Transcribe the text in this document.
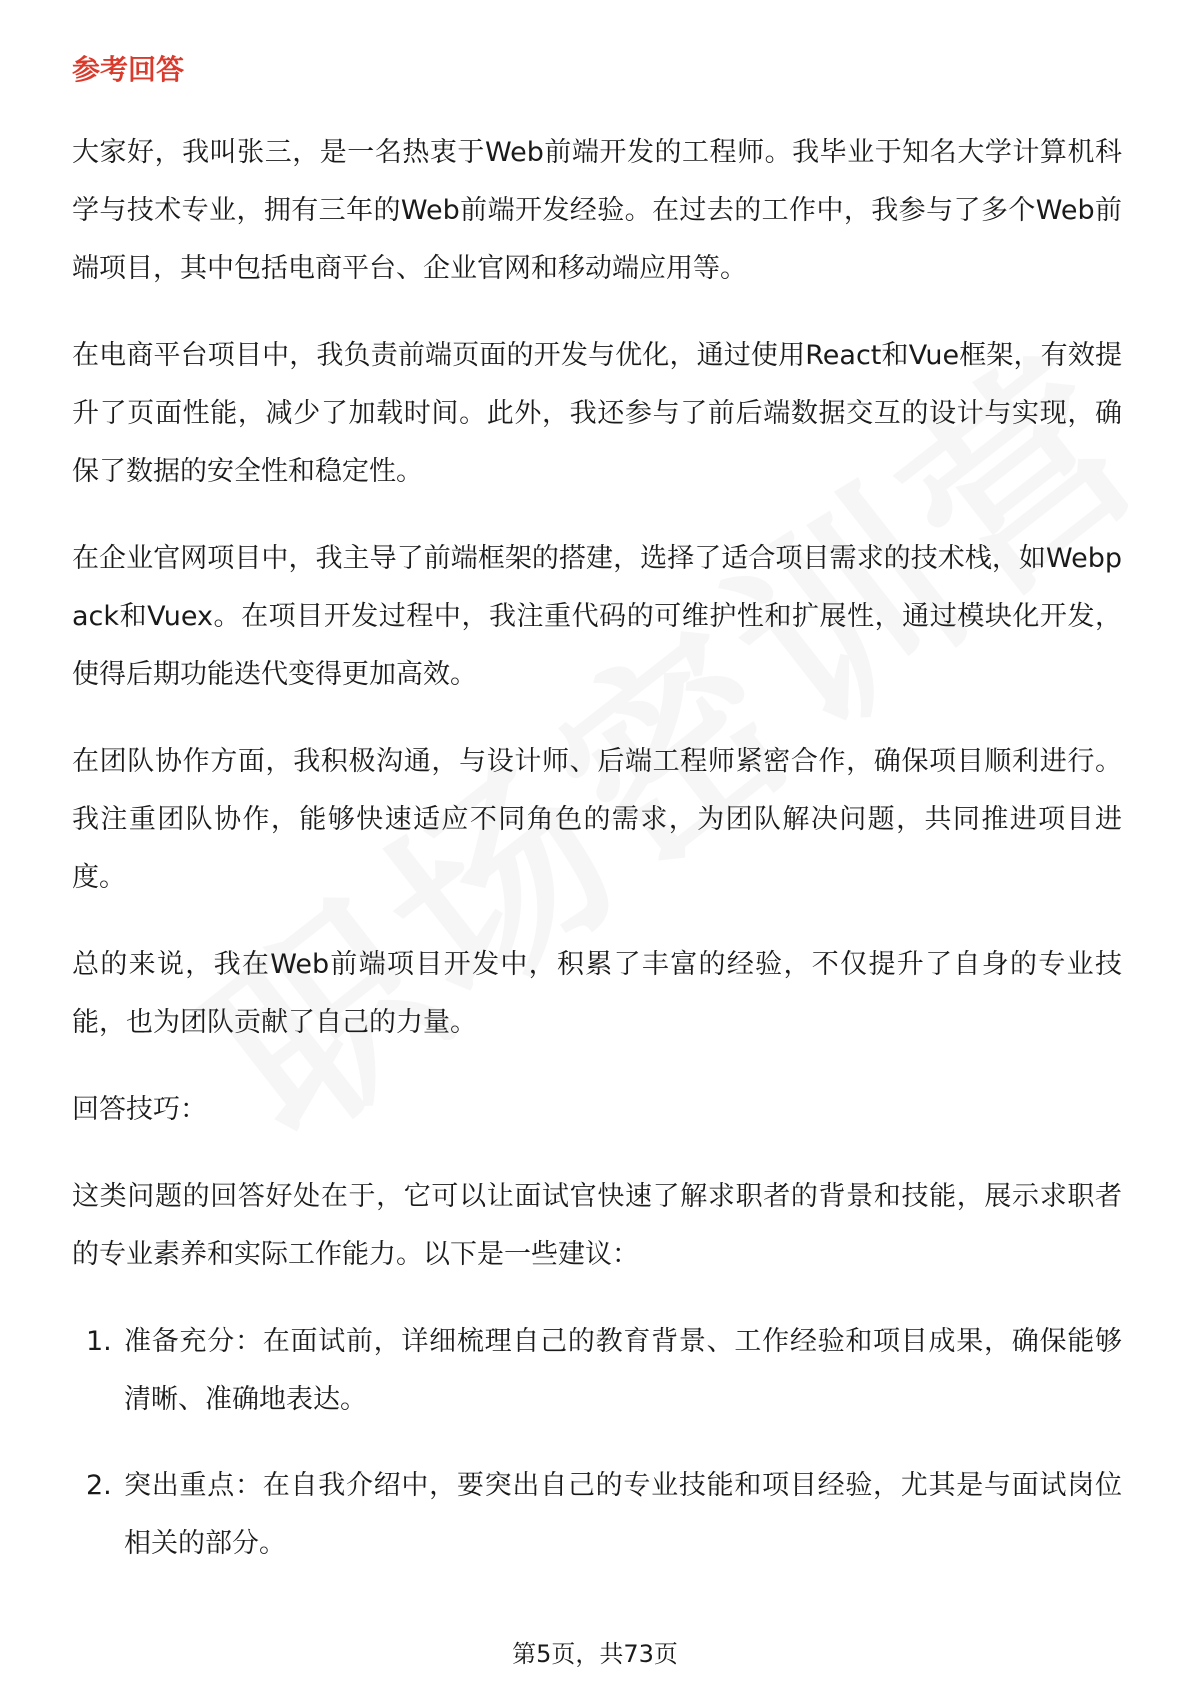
参考回答

大家好，我叫张三，是一名热衷于Web前端开发的工程师。我毕业于知名大学计算机科学与技术专业，拥有三年的Web前端开发经验。在过去的工作中，我参与了多个Web前端项目，其中包括电商平台、企业官网和移动端应用等。

在电商平台项目中，我负责前端页面的开发与优化，通过使用React和Vue框架，有效提升了页面性能，减少了加载时间。此外，我还参与了前后端数据交互的设计与实现，确保了数据的安全性和稳定性。

在企业官网项目中，我主导了前端框架的搭建，选择了适合项目需求的技术栈，如Webpack和Vuex。在项目开发过程中，我注重代码的可维护性和扩展性，通过模块化开发，使得后期功能迭代变得更加高效。

在团队协作方面，我积极沟通，与设计师、后端工程师紧密合作，确保项目顺利进行。我注重团队协作，能够快速适应不同角色的需求，为团队解决问题，共同推进项目进度。

总的来说，我在Web前端项目开发中，积累了丰富的经验，不仅提升了自身的专业技能，也为团队贡献了自己的力量。

回答技巧：

这类问题的回答好处在于，它可以让面试官快速了解求职者的背景和技能，展示求职者的专业素养和实际工作能力。以下是一些建议：

1. 准备充分：在面试前，详细梳理自己的教育背景、工作经验和项目成果，确保能够清晰、准确地表达。
2. 突出重点：在自我介绍中，要突出自己的专业技能和项目经验，尤其是与面试岗位相关的部分。
第5页，共73页
